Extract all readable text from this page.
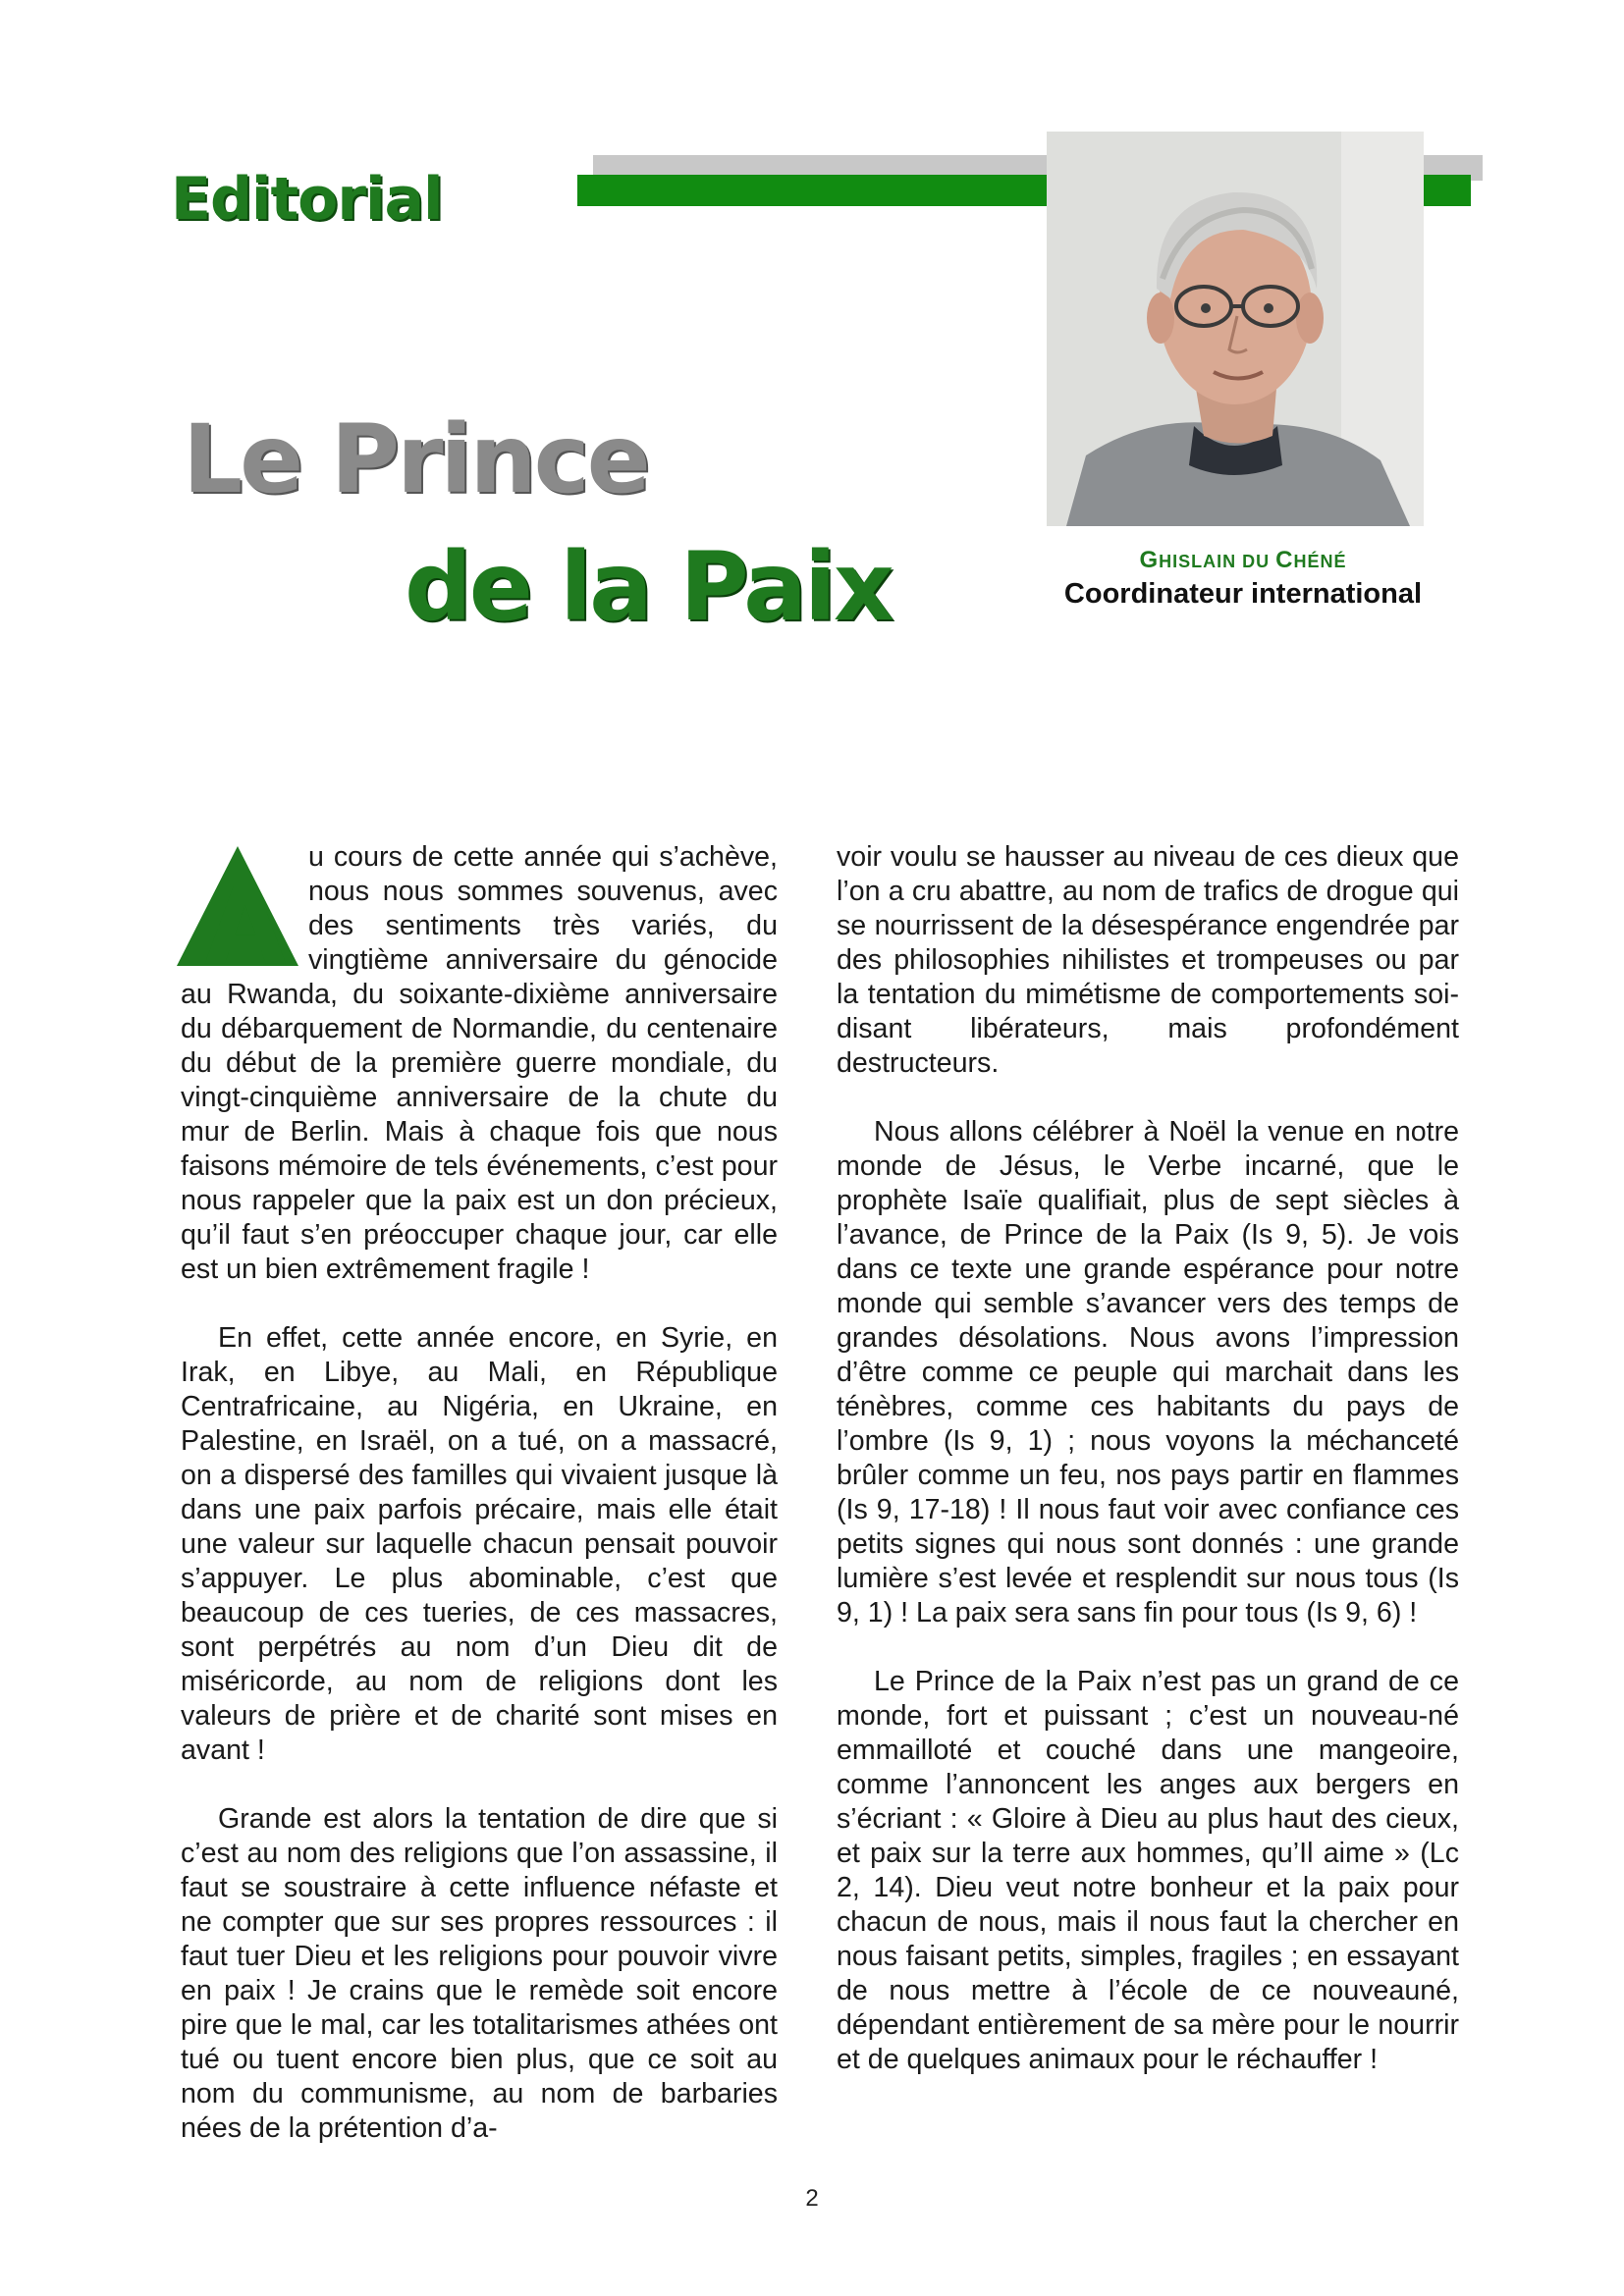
Editorial
Le Prince
de la Paix	GHISLAIN DU CHÉNÉ
Coordinateur international

A
u cours de cette année qui s’achève, nous nous sommes souvenus, avec des sentiments très variés, du vingtième anniversaire du génocide au Rwanda, du soixante-dixième anniversaire du débarquement de Normandie, du centenaire du début de la première guerre mondiale, du vingt-cinquième anniversaire de la chute du mur de Berlin. Mais à chaque fois que nous faisons mémoire de tels événements, c’est pour nous rappeler que la paix est un don précieux, qu’il faut s’en préoccuper chaque jour, car elle est un bien extrêmement fragile !

En effet, cette année encore, en Syrie, en Irak, en Libye, au Mali, en République Centrafricaine, au Nigéria, en Ukraine, en Palestine, en Israël, on a tué, on a massacré, on a dispersé des familles qui vivaient jusque là dans une paix parfois précaire, mais elle était une valeur sur laquelle chacun pensait pouvoir s’appuyer. Le plus abominable, c’est que beaucoup de ces tueries, de ces massacres, sont perpétrés au nom d’un Dieu dit de miséricorde, au nom de religions dont les valeurs de prière et de charité sont mises en avant !

Grande est alors la tentation de dire que si c’est au nom des religions que l’on assassine, il faut se soustraire à cette influence néfaste et ne compter que sur ses propres ressources : il faut tuer Dieu et les religions pour pouvoir vivre en paix ! Je crains que le remède soit encore pire que le mal, car les totalitarismes athées ont tué ou tuent encore bien plus, que ce soit au nom du communisme, au nom de barbaries nées de la prétention d’a-

voir voulu se hausser au niveau de ces dieux que l’on a cru abattre, au nom de trafics de drogue qui se nourrissent de la désespérance engendrée par des philosophies nihilistes et trompeuses ou par la tentation du mimétisme de comportements soi-disant libérateurs, mais profondément destructeurs.

Nous allons célébrer à Noël la venue en notre monde de Jésus, le Verbe incarné, que le prophète Isaïe qualifiait, plus de sept siècles à l’avance, de Prince de la Paix (Is 9, 5). Je vois dans ce texte une grande espérance pour notre monde qui semble s’avancer vers des temps de grandes désolations. Nous avons l’impression d’être comme ce peuple qui marchait dans les ténèbres, comme ces habitants du pays de l’ombre (Is 9, 1) ; nous voyons la méchanceté brûler comme un feu, nos pays partir en flammes (Is 9, 17-18) ! Il nous faut voir avec confiance ces petits signes qui nous sont donnés : une grande lumière s’est levée et resplendit sur nous tous (Is 9, 1) ! La paix sera sans fin pour tous (Is 9, 6) !

Le Prince de la Paix n’est pas un grand de ce monde, fort et puissant ; c’est un nouveau-né emmailloté et couché dans une mangeoire, comme l’annoncent les anges aux bergers en s’écriant : « Gloire à Dieu au plus haut des cieux, et paix sur la terre aux hommes, qu’Il aime » (Lc 2, 14). Dieu veut notre bonheur et la paix pour chacun de nous, mais il nous faut la chercher en nous faisant petits, simples, fragiles ; en essayant de nous mettre à l’école de ce nouveauné, dépendant entièrement de sa mère pour le nourrir et de quelques animaux pour le réchauffer !

2
